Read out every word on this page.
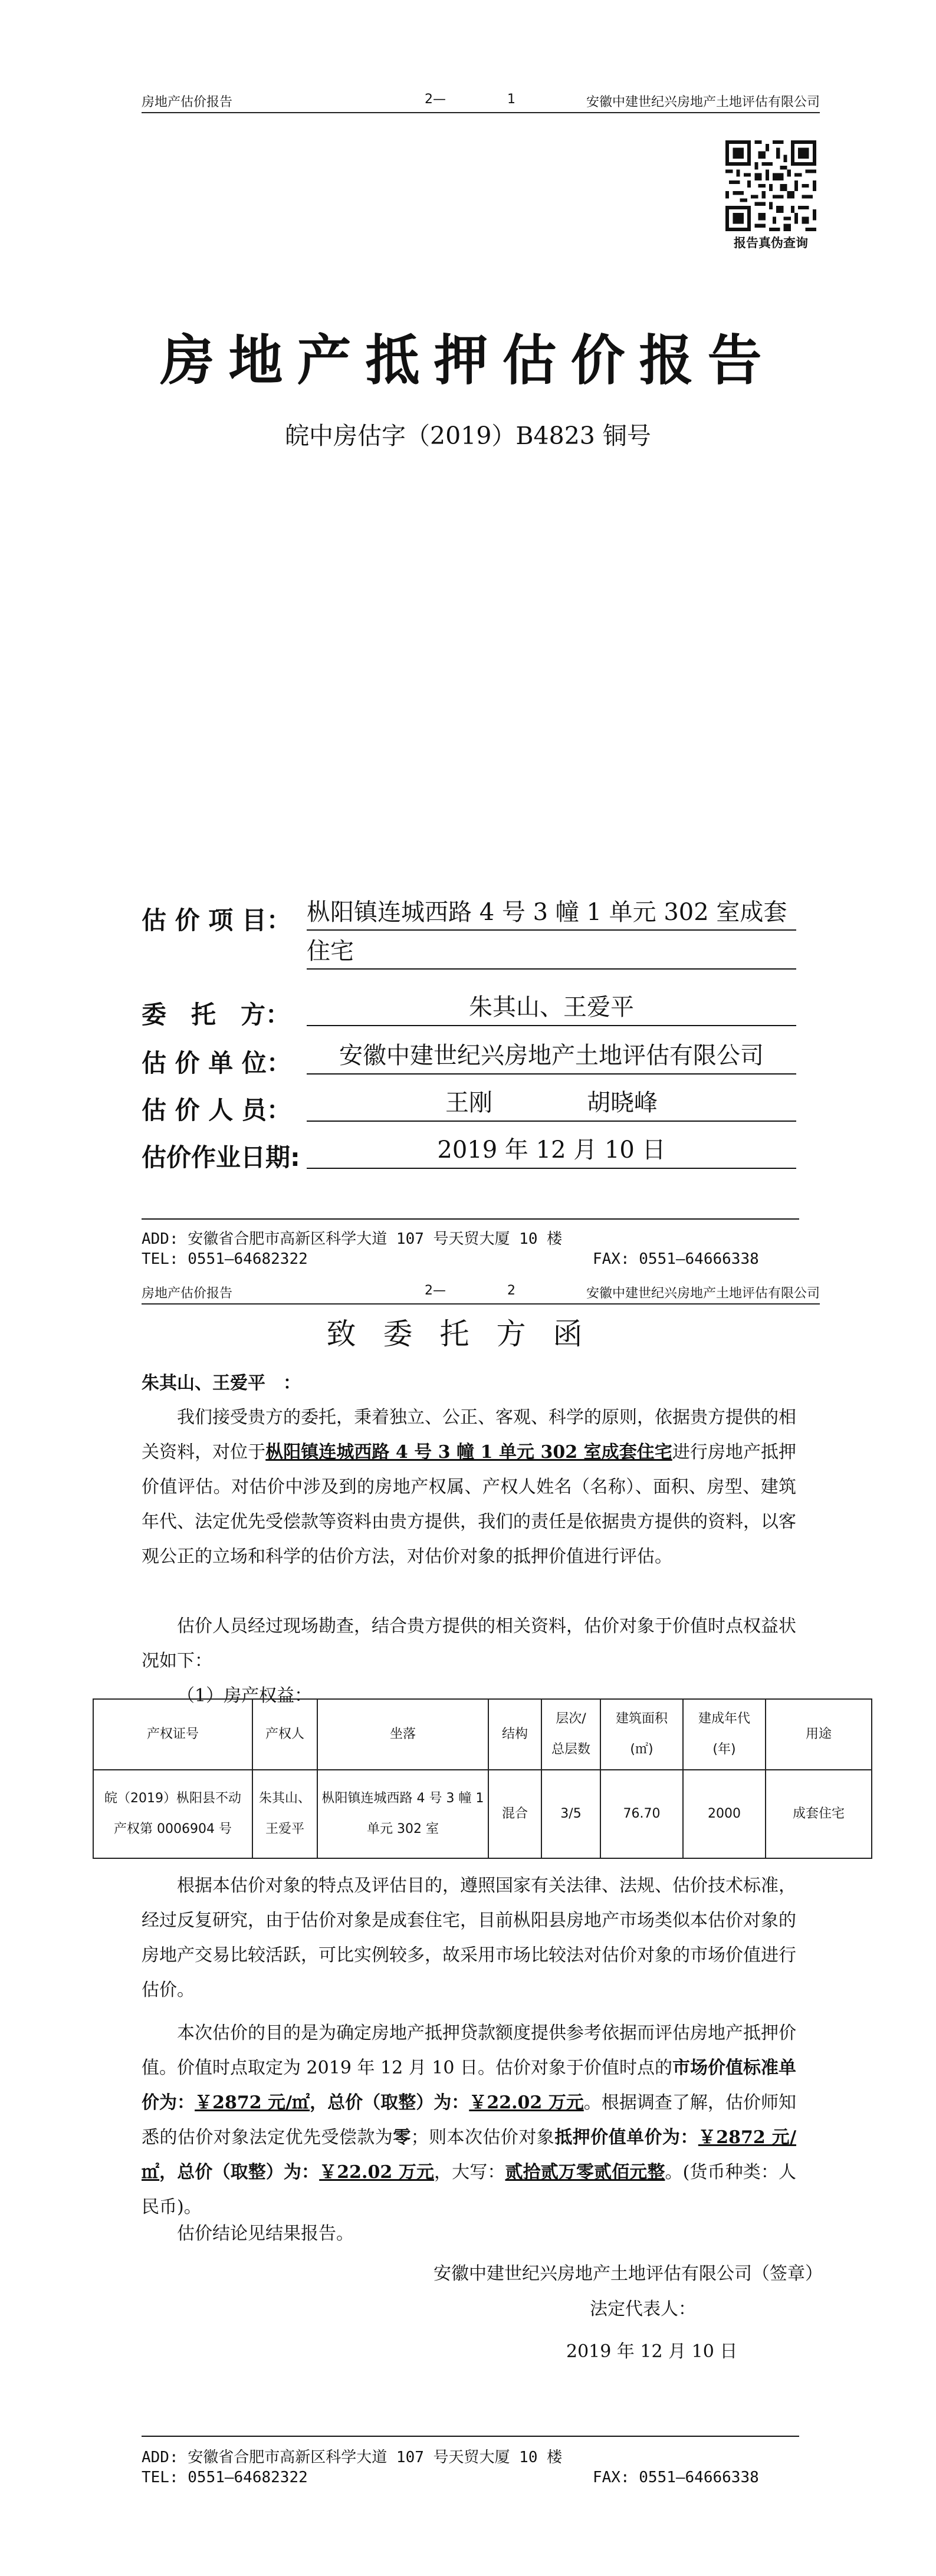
房地产估价报告	2—	1	安徽中建世纪兴房地产土地评估有限公司
报告真伪查询
房地产抵押估价报告
皖中房估字（2019）B4823 铜号
估 价 项 目： 枞阳镇连城西路 4 号 3 幢 1 单元 302 室成套
住宅
委　托　方：	朱其山、王爱平
估 价 单 位：	安徽中建世纪兴房地产土地评估有限公司
估 价 人 员：	王刚　　　　胡晓峰
估价作业日期:	2019 年 12 月 10 日
ADD: 安徽省合肥市高新区科学大道 107 号天贸大厦 10 楼
TEL: 0551—64682322	FAX: 0551—64666338
房地产估价报告	2—	2	安徽中建世纪兴房地产土地评估有限公司
致委托方函
朱其山、王爱平　：
我们接受贵方的委托，秉着独立、公正、客观、科学的原则，依据贵方提供的相关资料，对位于枞阳镇连城西路 4 号 3 幢 1 单元 302 室成套住宅进行房地产抵押价值评估。对估价中涉及到的房地产权属、产权人姓名（名称）、面积、房型、建筑年代、法定优先受偿款等资料由贵方提供，我们的责任是依据贵方提供的资料，以客观公正的立场和科学的估价方法，对估价对象的抵押价值进行评估。
估价人员经过现场勘查，结合贵方提供的相关资料，估价对象于价值时点权益状况如下：
（1）房产权益：
产权证号	产权人	坐落	结构	层次/
总层数	建筑面积
(㎡)	建成年代
(年)	用途

皖（2019）枞阳县不动
产权第 0006904 号	朱其山、
王爱平	枞阳镇连城西路 4 号 3 幢 1
单元 302 室	混合	3/5	76.70	2000	成套住宅
根据本估价对象的特点及评估目的，遵照国家有关法律、法规、估价技术标准，经过反复研究，由于估价对象是成套住宅，目前枞阳县房地产市场类似本估价对象的房地产交易比较活跃，可比实例较多，故采用市场比较法对估价对象的市场价值进行估价。
本次估价的目的是为确定房地产抵押贷款额度提供参考依据而评估房地产抵押价值。价值时点取定为 2019 年 12 月 10 日。估价对象于价值时点的市场价值标准单价为：￥2872 元/㎡，总价（取整）为：￥22.02 万元。根据调查了解，估价师知悉的估价对象法定优先受偿款为零；则本次估价对象抵押价值单价为：￥2872 元/㎡，总价（取整）为：￥22.02 万元，大写：贰拾贰万零贰佰元整。(货币种类：人民币)。
估价结论见结果报告。
安徽中建世纪兴房地产土地评估有限公司（签章）
法定代表人：
2019 年 12 月 10 日
ADD: 安徽省合肥市高新区科学大道 107 号天贸大厦 10 楼
TEL: 0551—64682322	FAX: 0551—64666338
